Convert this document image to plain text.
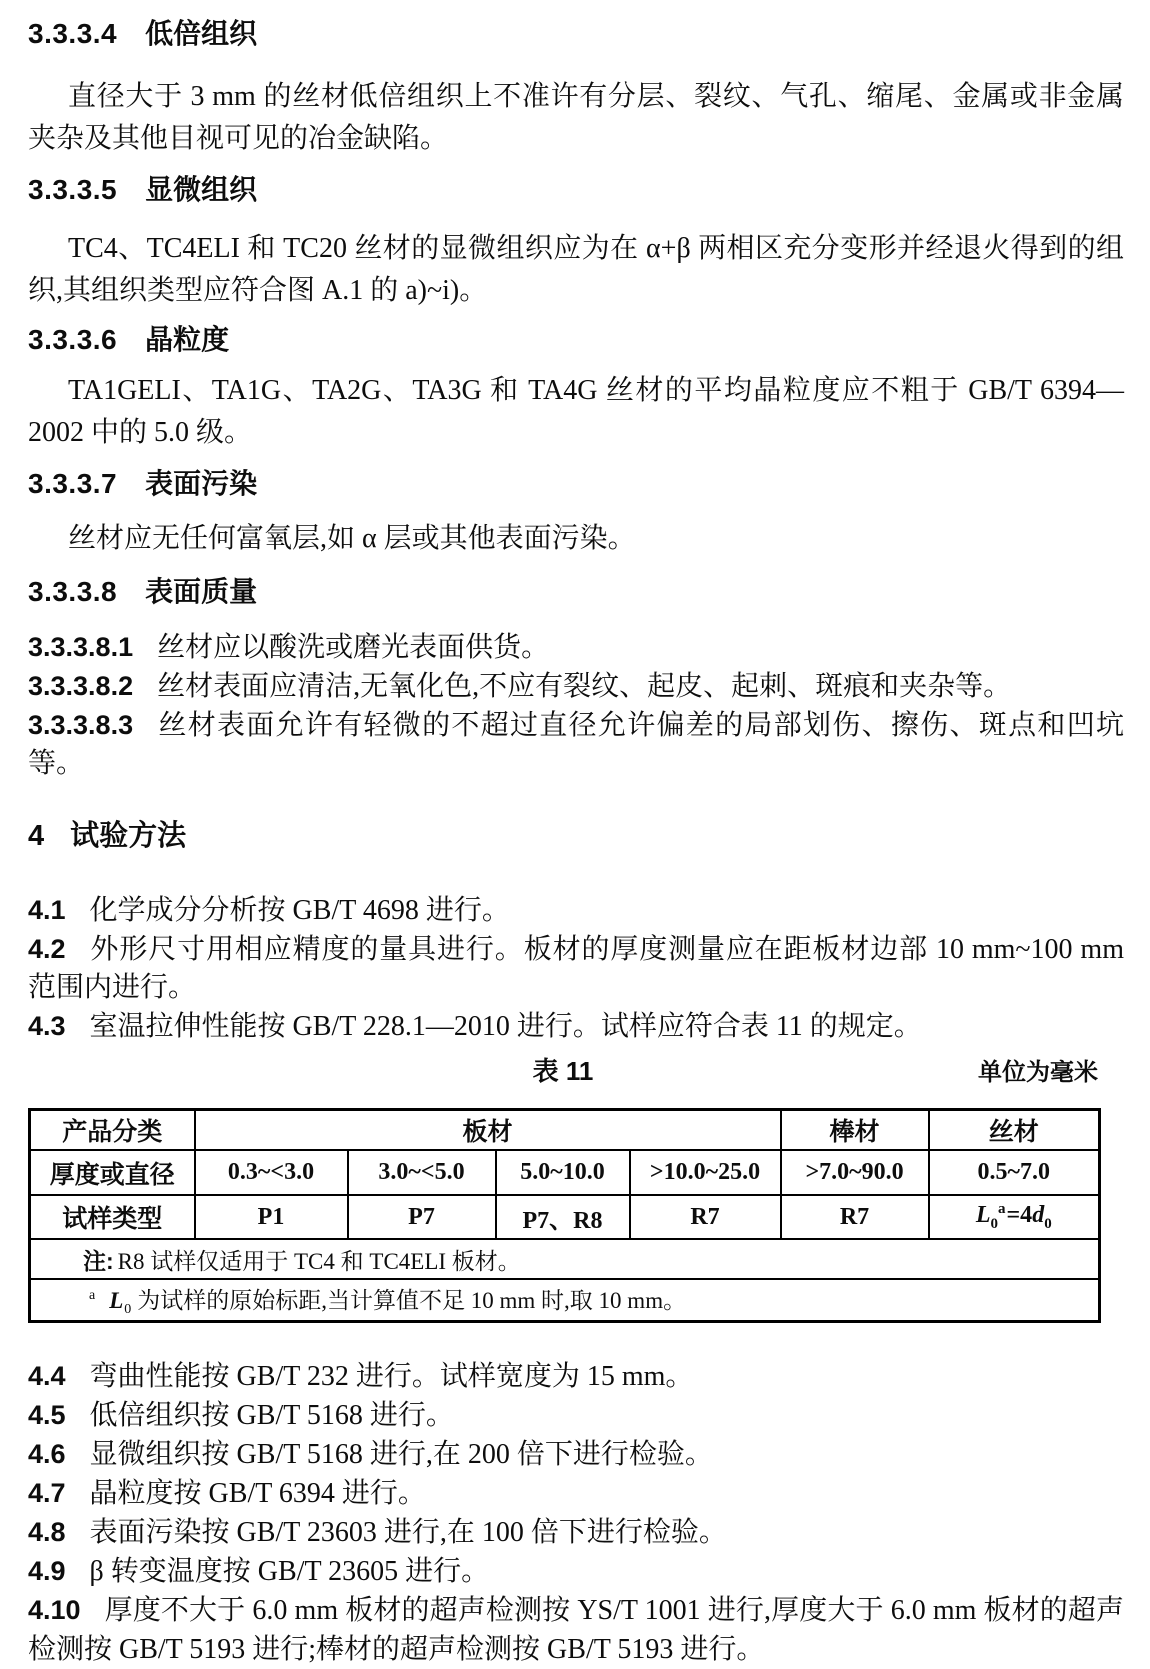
3.3.3.4 低倍组织

直径大于 3 mm 的丝材低倍组织上不准许有分层、裂纹、气孔、缩尾、金属或非金属夹杂及其他目视可见的冶金缺陷。

3.3.3.5 显微组织

TC4、TC4ELI 和 TC20 丝材的显微组织应为在 α+β 两相区充分变形并经退火得到的组织,其组织类型应符合图 A.1 的 a)~i)。

3.3.3.6 晶粒度

TA1GELI、TA1G、TA2G、TA3G 和 TA4G 丝材的平均晶粒度应不粗于 GB/T 6394—2002 中的 5.0 级。

3.3.3.7 表面污染

丝材应无任何富氧层,如 α 层或其他表面污染。

3.3.3.8 表面质量
3.3.3.8.1 丝材应以酸洗或磨光表面供货。
3.3.3.8.2 丝材表面应清洁,无氧化色,不应有裂纹、起皮、起刺、斑痕和夹杂等。
3.3.3.8.3 丝材表面允许有轻微的不超过直径允许偏差的局部划伤、擦伤、斑点和凹坑等。
4 试验方法
4.1 化学成分分析按 GB/T 4698 进行。
4.2 外形尺寸用相应精度的量具进行。板材的厚度测量应在距板材边部 10 mm~100 mm 范围内进行。
4.3 室温拉伸性能按 GB/T 228.1—2010 进行。试样应符合表 11 的规定。
表 11	单位为毫米
产品分类	板材				棒材	丝材
厚度或直径	0.3~<3.0	3.0~<5.0	5.0~10.0	>10.0~25.0	>7.0~90.0	0.5~7.0
试样类型	P1	P7	P7、R8	R7	R7	$L_0^a=4d_0$
注: R8 试样仅适用于 TC4 和 TC4ELI 板材。						
$^a$ $L_0$ 为试样的原始标距,当计算值不足 10 mm 时,取 10 mm。						
4.4 弯曲性能按 GB/T 232 进行。试样宽度为 15 mm。
4.5 低倍组织按 GB/T 5168 进行。
4.6 显微组织按 GB/T 5168 进行,在 200 倍下进行检验。
4.7 晶粒度按 GB/T 6394 进行。
4.8 表面污染按 GB/T 23603 进行,在 100 倍下进行检验。
4.9 β 转变温度按 GB/T 23605 进行。
4.10 厚度不大于 6.0 mm 板材的超声检测按 YS/T 1001 进行,厚度大于 6.0 mm 板材的超声检测按 GB/T 5193 进行;棒材的超声检测按 GB/T 5193 进行。
